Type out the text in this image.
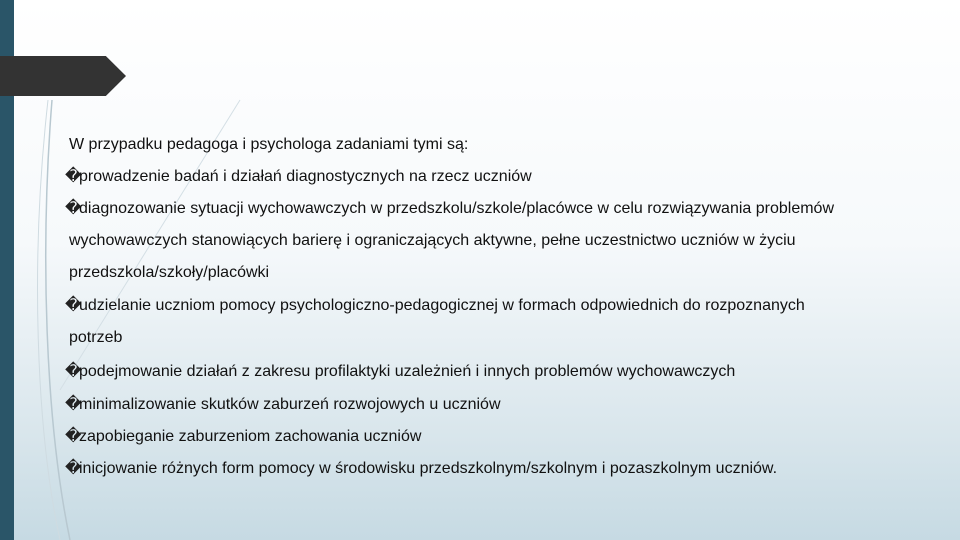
W przypadku pedagoga i psychologa zadaniami tymi są:
�prowadzenie badań i działań diagnostycznych na rzecz uczniów
�diagnozowanie sytuacji wychowawczych w przedszkolu/szkole/placówce w celu rozwiązywania problemów
wychowawczych stanowiących barierę i ograniczających aktywne, pełne uczestnictwo uczniów w życiu
przedszkola/szkoły/placówki
�udzielanie uczniom pomocy psychologiczno-pedagogicznej w formach odpowiednich do rozpoznanych
potrzeb
�podejmowanie działań z zakresu profilaktyki uzależnień i innych problemów wychowawczych
�minimalizowanie skutków zaburzeń rozwojowych u uczniów
�zapobieganie zaburzeniom zachowania uczniów
�inicjowanie różnych form pomocy w środowisku przedszkolnym/szkolnym i pozaszkolnym uczniów.
